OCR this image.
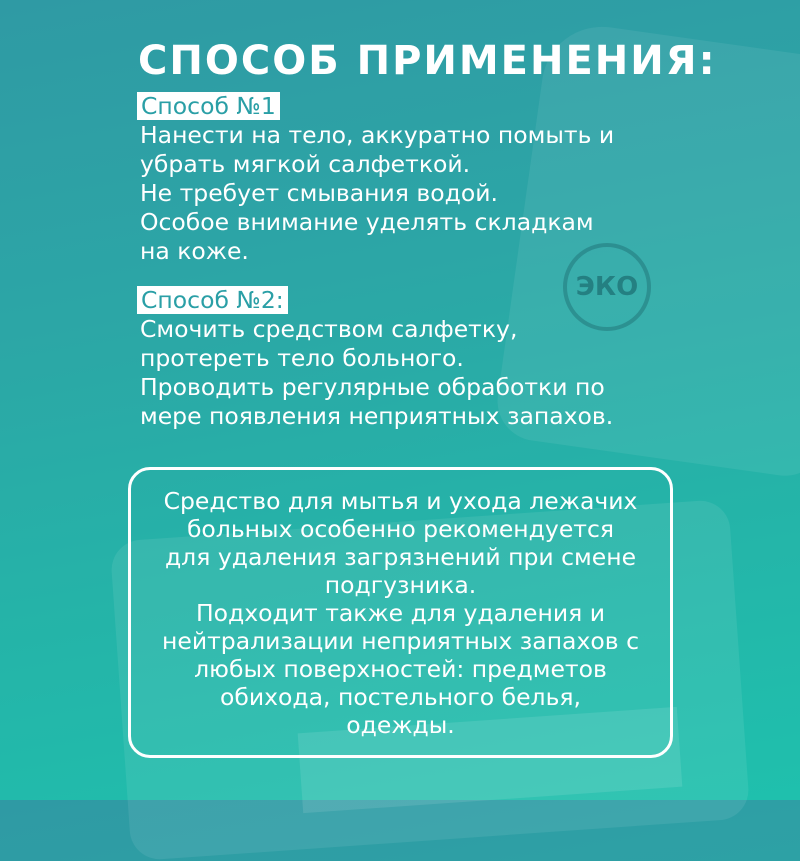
ЭКО
СПОСОБ ПРИМЕНЕНИЯ:
Способ №1
Нанести на тело, аккуратно помыть и
убрать мягкой салфеткой.
Не требует смывания водой.
Особое внимание уделять складкам
на коже.
Способ №2:
Смочить средством салфетку,
протереть тело больного.
Проводить регулярные обработки по
мере появления неприятных запахов.
Средство для мытья и ухода лежачих
больных особенно рекомендуется
для удаления загрязнений при смене
подгузника.
Подходит также для удаления и
нейтрализации неприятных запахов с
любых поверхностей: предметов
обихода, постельного белья,
одежды.
